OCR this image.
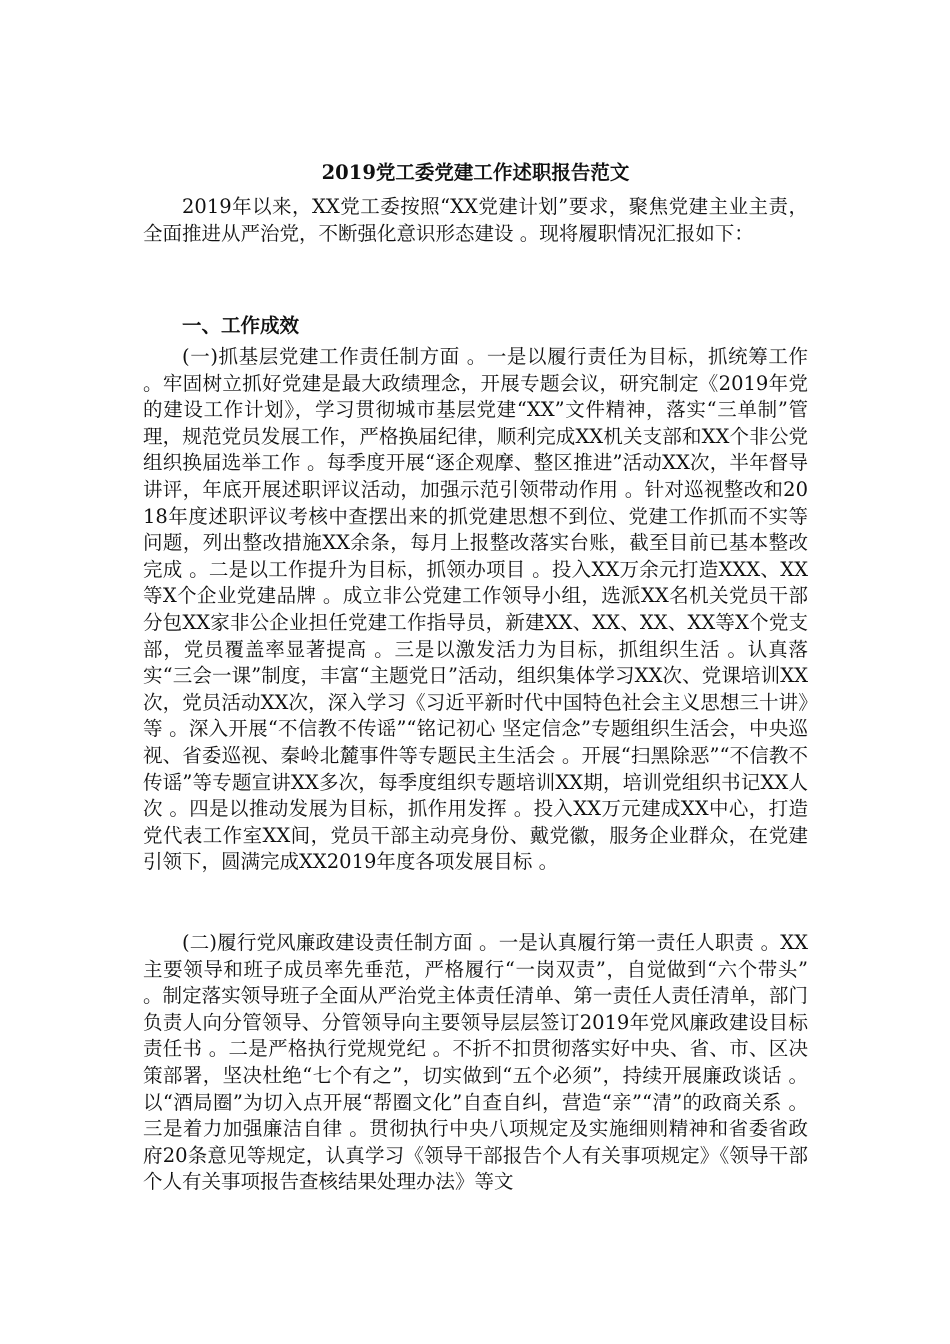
2019党工委党建工作述职报告范文

2019年以来，XX党工委按照“XX党建计划”要求，聚焦党建主业主责，全面推进从严治党，不断强化意识形态建设 。现将履职情况汇报如下：

一、工作成效

(一)抓基层党建工作责任制方面 。一是以履行责任为目标，抓统筹工作 。牢固树立抓好党建是最大政绩理念，开展专题会议，研究制定《2019年党的建设工作计划》，学习贯彻城市基层党建“XX”文件精神，落实“三单制”管理，规范党员发展工作，严格换届纪律，顺利完成XX机关支部和XX个非公党组织换届选举工作 。每季度开展“逐企观摩、整区推进”活动XX次，半年督导讲评，年底开展述职评议活动，加强示范引领带动作用 。针对巡视整改和2018年度述职评议考核中查摆出来的抓党建思想不到位、党建工作抓而不实等问题，列出整改措施XX余条，每月上报整改落实台账，截至目前已基本整改完成 。二是以工作提升为目标，抓领办项目 。投入XX万余元打造XXX、XX等X个企业党建品牌 。成立非公党建工作领导小组，选派XX名机关党员干部分包XX家非公企业担任党建工作指导员，新建XX、XX、XX、XX等X个党支部，党员覆盖率显著提高 。三是以激发活力为目标，抓组织生活 。认真落实“三会一课”制度，丰富“主题党日”活动，组织集体学习XX次、党课培训XX次，党员活动XX次，深入学习《习近平新时代中国特色社会主义思想三十讲》等 。深入开展“不信教不传谣”“铭记初心 坚定信念”专题组织生活会，中央巡视、省委巡视、秦岭北麓事件等专题民主生活会 。开展“扫黑除恶”“不信教不传谣”等专题宣讲XX多次，每季度组织专题培训XX期，培训党组织书记XX人次 。四是以推动发展为目标，抓作用发挥 。投入XX万元建成XX中心，打造党代表工作室XX间，党员干部主动亮身份、戴党徽，服务企业群众，在党建引领下，圆满完成XX2019年度各项发展目标 。

(二)履行党风廉政建设责任制方面 。一是认真履行第一责任人职责 。XX主要领导和班子成员率先垂范，严格履行“一岗双责”，自觉做到“六个带头” 。制定落实领导班子全面从严治党主体责任清单、第一责任人责任清单，部门负责人向分管领导、分管领导向主要领导层层签订2019年党风廉政建设目标责任书 。二是严格执行党规党纪 。不折不扣贯彻落实好中央、省、市、区决策部署，坚决杜绝“七个有之”，切实做到“五个必须”，持续开展廉政谈话 。以“酒局圈”为切入点开展“帮圈文化”自查自纠，营造“亲”“清”的政商关系 。三是着力加强廉洁自律 。贯彻执行中央八项规定及实施细则精神和省委省政府20条意见等规定，认真学习《领导干部报告个人有关事项规定》《领导干部个人有关事项报告查核结果处理办法》等文
